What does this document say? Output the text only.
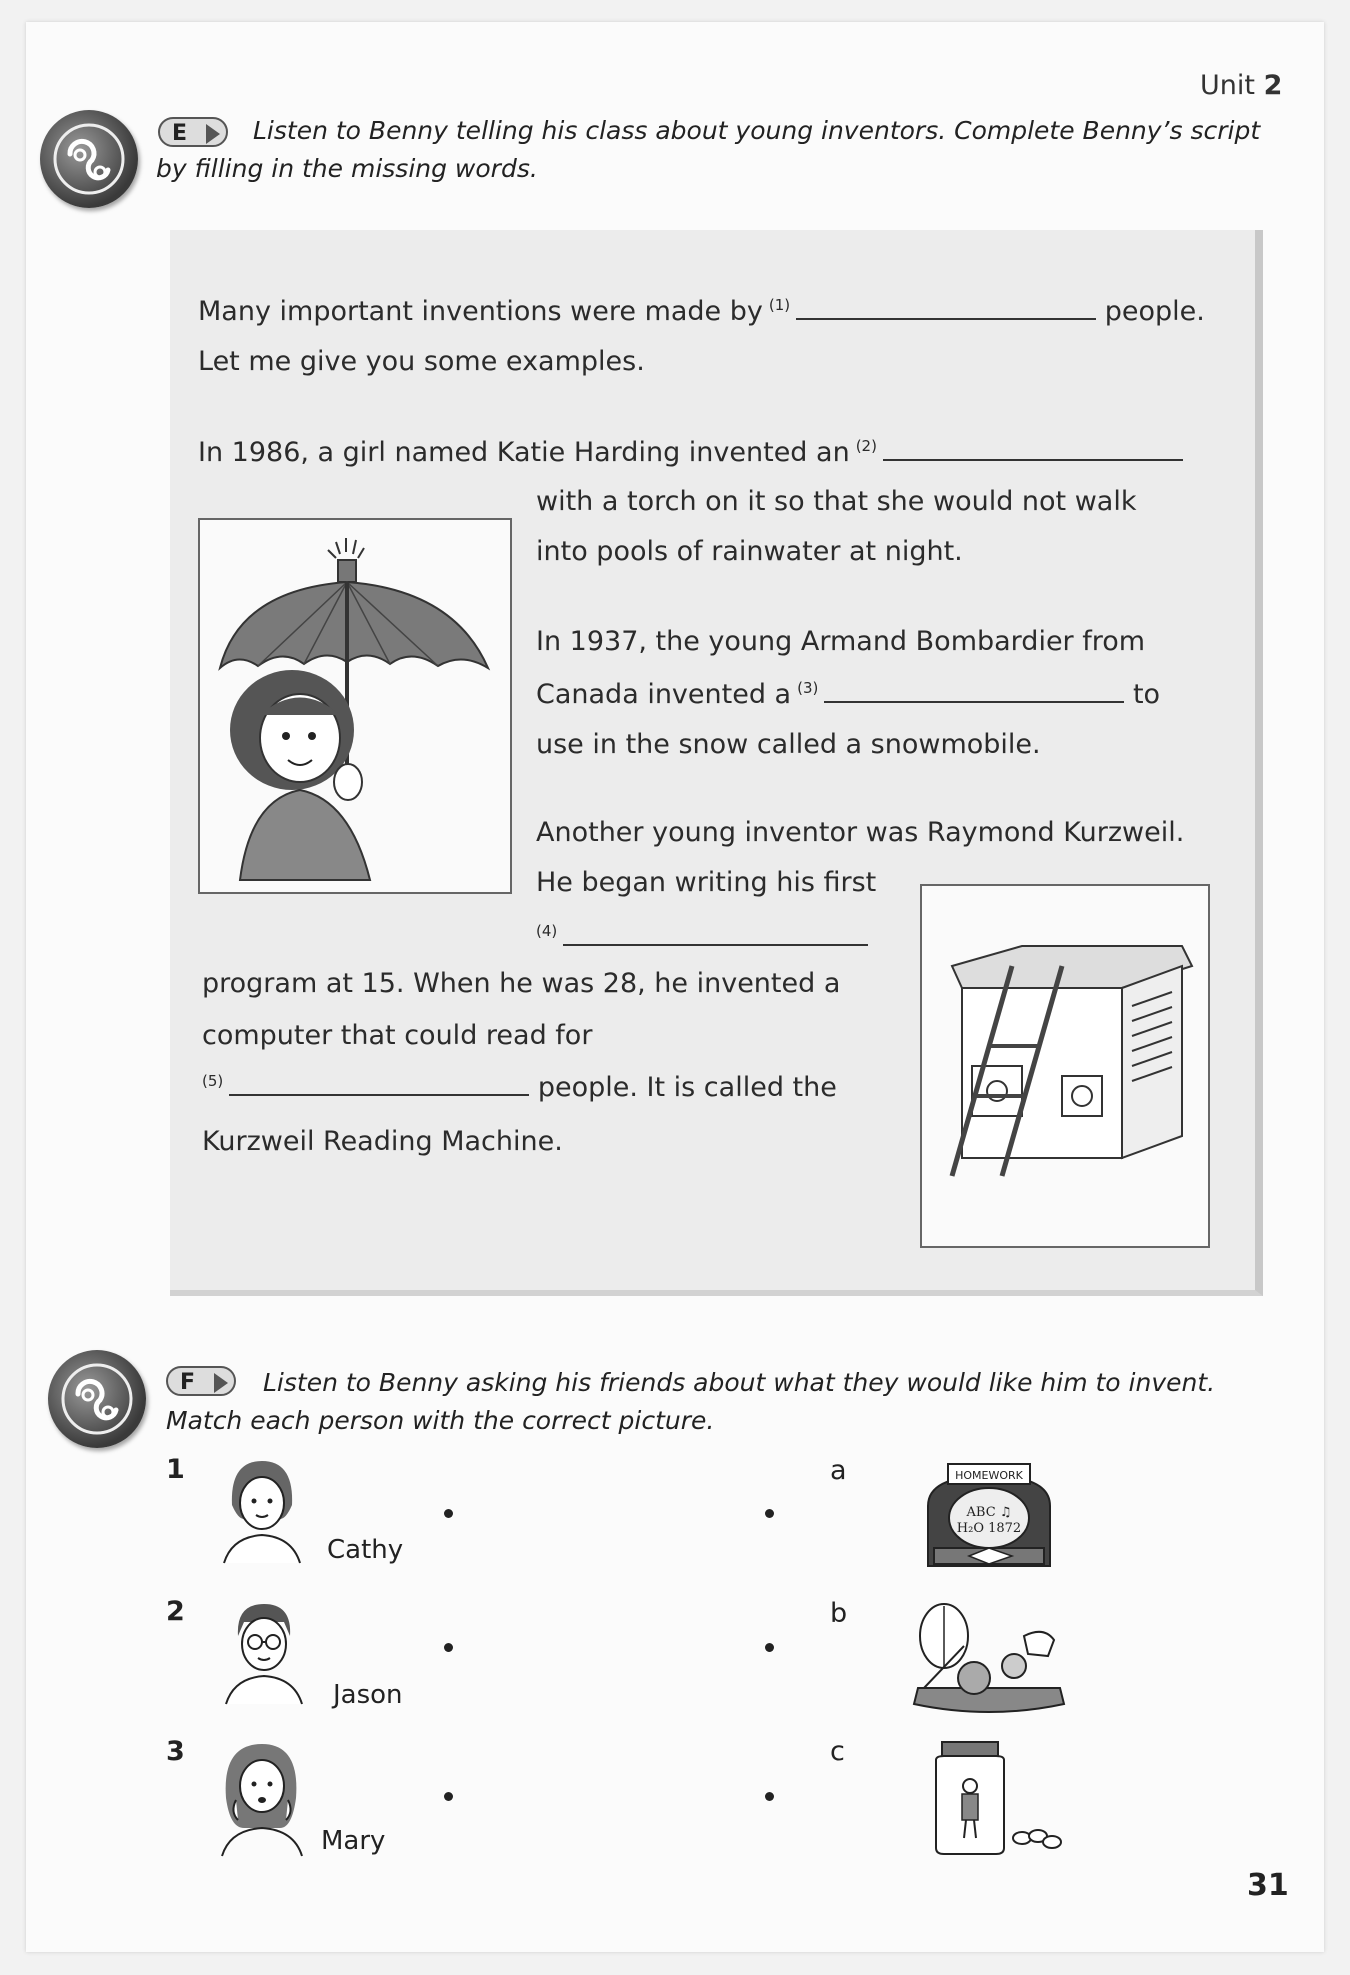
Unit 2
E	Listen to Benny telling his class about young inventors. Complete Benny’s script
by filling in the missing words.
Many important inventions were made by $^{(1)}$	people.
Let me give you some examples.
In 1986, a girl named Katie Harding invented an $^{(2)}$
with a torch on it so that she would not walk
into pools of rainwater at night.
In 1937, the young Armand Bombardier from
Canada invented a $^{(3)}$	to
use in the snow called a snowmobile.
Another young inventor was Raymond Kurzweil.
He began writing his first
$^{(4)}$
program at 15. When he was 28, he invented a
computer that could read for
$^{(5)}$	people. It is called the
Kurzweil Reading Machine.
F	Listen to Benny asking his friends about what they would like him to invent.
Match each person with the correct picture.
1
2
3
Cathy
Jason
Mary
a
b
c
HOMEWORK
ABC ♫
H₂O 1872
31
